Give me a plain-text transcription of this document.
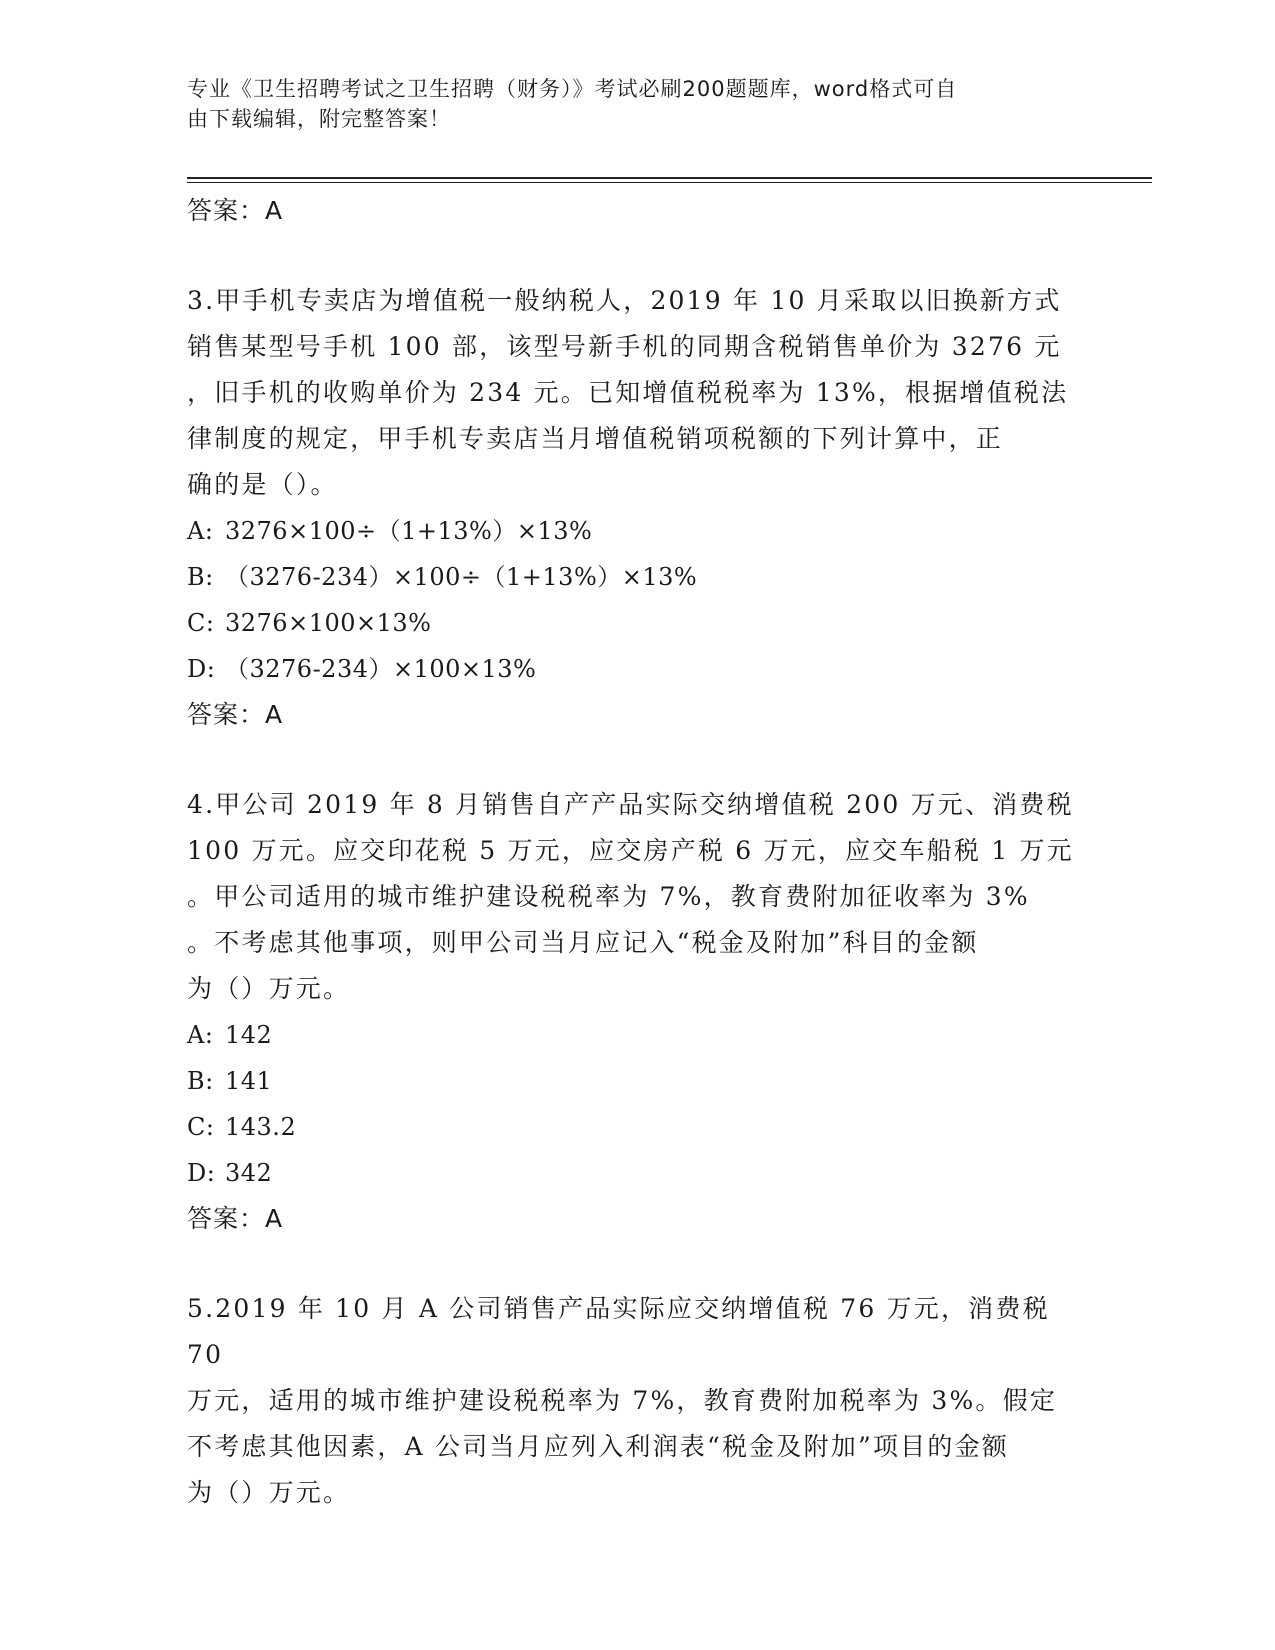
专业《卫生招聘考试之卫生招聘（财务）》考试必刷200题题库，word格式可自
由下载编辑，附完整答案！
答案：A
3.甲手机专卖店为增值税一般纳税人，2019 年 10 月采取以旧换新方式
销售某型号手机 100 部，该型号新手机的同期含税销售单价为 3276 元
，旧手机的收购单价为 234 元。已知增值税税率为 13%，根据增值税法
律制度的规定，甲手机专卖店当月增值税销项税额的下列计算中，正
确的是（）。
A: 3276×100÷（1+13%）×13%
B: （3276-234）×100÷（1+13%）×13%
C: 3276×100×13%
D: （3276-234）×100×13%
答案：A
4.甲公司 2019 年 8 月销售自产产品实际交纳增值税 200 万元、消费税
100 万元。应交印花税 5 万元，应交房产税 6 万元，应交车船税 1 万元
。甲公司适用的城市维护建设税税率为 7%，教育费附加征收率为 3%
。不考虑其他事项，则甲公司当月应记入“税金及附加”科目的金额
为（）万元。
A: 142
B: 141
C: 143.2
D: 342
答案：A
5.2019 年 10 月 A 公司销售产品实际应交纳增值税 76 万元，消费税 70
万元，适用的城市维护建设税税率为 7%，教育费附加税率为 3%。假定
不考虑其他因素，A 公司当月应列入利润表“税金及附加”项目的金额
为（）万元。
